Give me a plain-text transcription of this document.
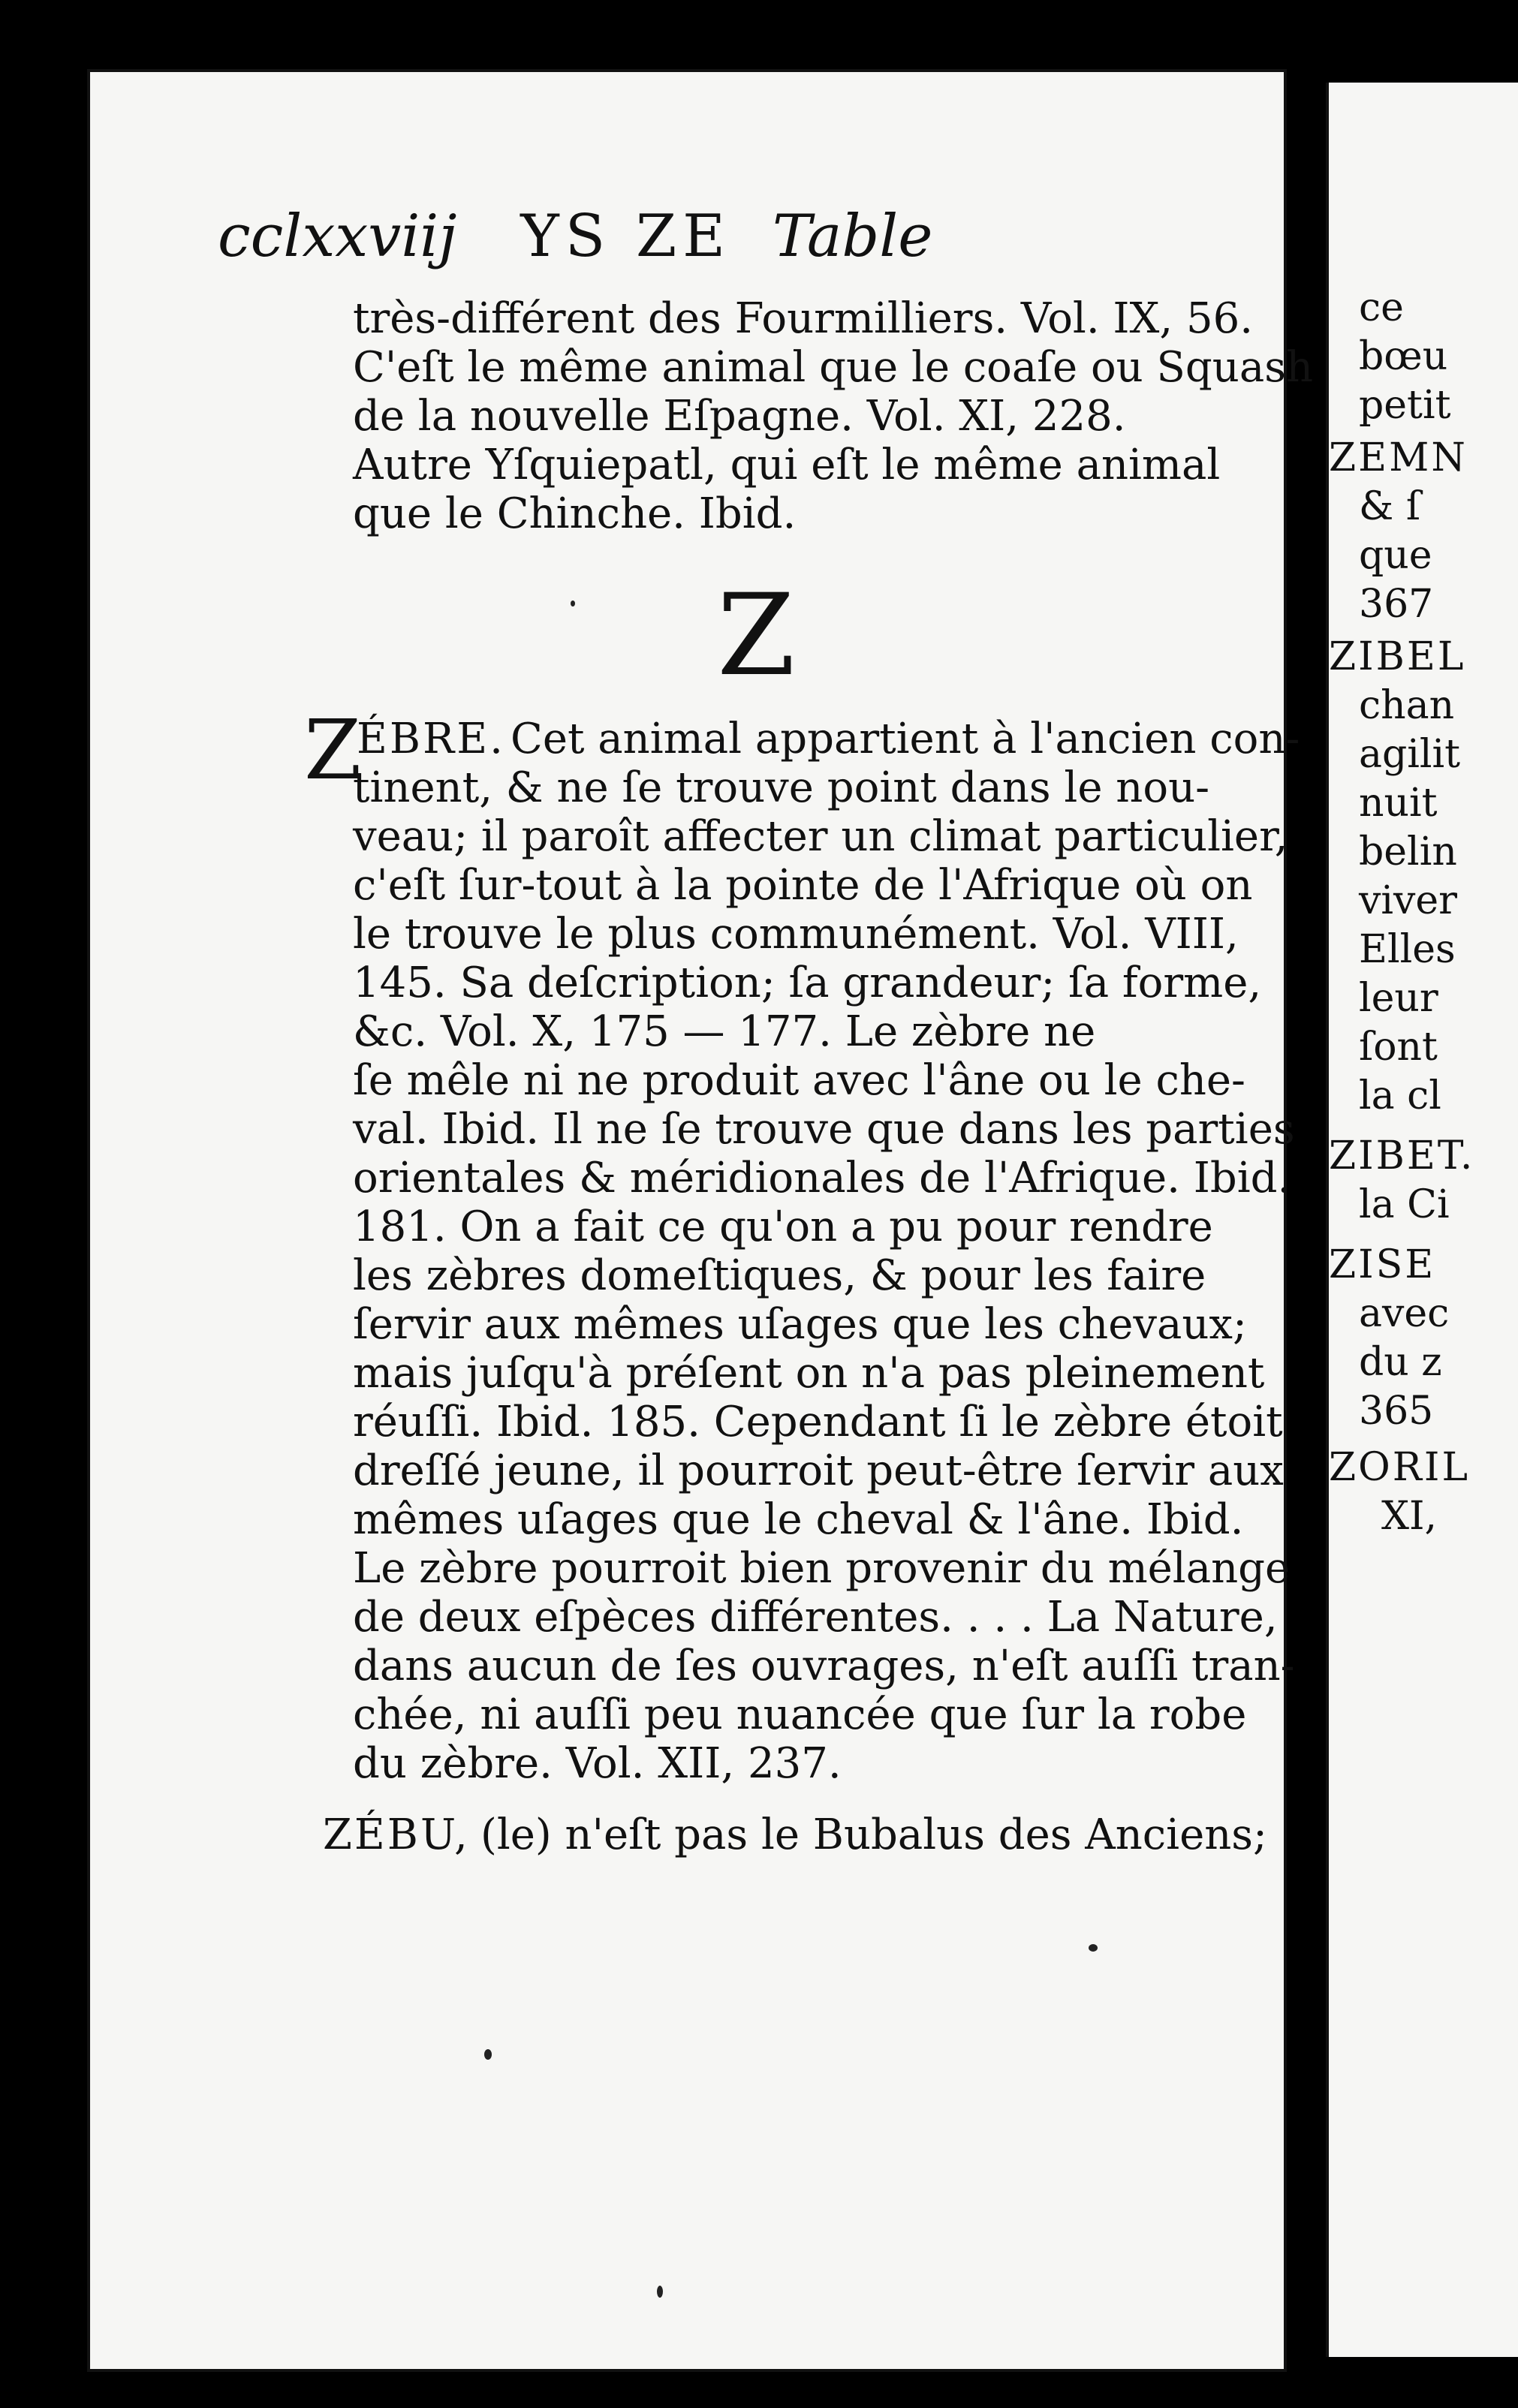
cclxxviij YS ZE Table
très-différent des Fourmilliers. Vol. IX, 56.
C'eſt le même animal que le coaſe ou Squash
de la nouvelle Eſpagne. Vol. XI, 228.
Autre Yſquiepatl, qui eſt le même animal
que le Chinche. Ibid.
Z
Z
ÉBRE. Cet animal appartient à l'ancien con-
tinent, & ne ſe trouve point dans le nou-
veau; il paroît affecter un climat particulier,
c'eſt ſur-tout à la pointe de l'Afrique où on
le trouve le plus communément. Vol. VIII,
145. Sa deſcription; ſa grandeur; ſa forme,
&c. Vol. X, 175 — 177. Le zèbre ne
ſe mêle ni ne produit avec l'âne ou le che-
val. Ibid. Il ne ſe trouve que dans les parties
orientales & méridionales de l'Afrique. Ibid.
181. On a fait ce qu'on a pu pour rendre
les zèbres domeſtiques, & pour les faire
ſervir aux mêmes uſages que les chevaux;
mais juſqu'à préſent on n'a pas pleinement
réuſſi. Ibid. 185. Cependant ſi le zèbre étoit
dreſſé jeune, il pourroit peut-être ſervir aux
mêmes uſages que le cheval & l'âne. Ibid.
Le zèbre pourroit bien provenir du mélange
de deux eſpèces différentes. . . . La Nature,
dans aucun de ſes ouvrages, n'eſt auſſi tran-
chée, ni auſſi peu nuancée que ſur la robe
du zèbre. Vol. XII, 237.
ZÉBU, (le) n'eſt pas le Bubalus des Anciens;
ce
bœu
petit
ZEMN
& ſ
que
367
ZIBEL
chan
agilit
nuit
belin
viver
Elles
leur
ſont
la cl
ZIBET.
la Ci
ZISE
avec
du z
365
ZORIL
XI,
